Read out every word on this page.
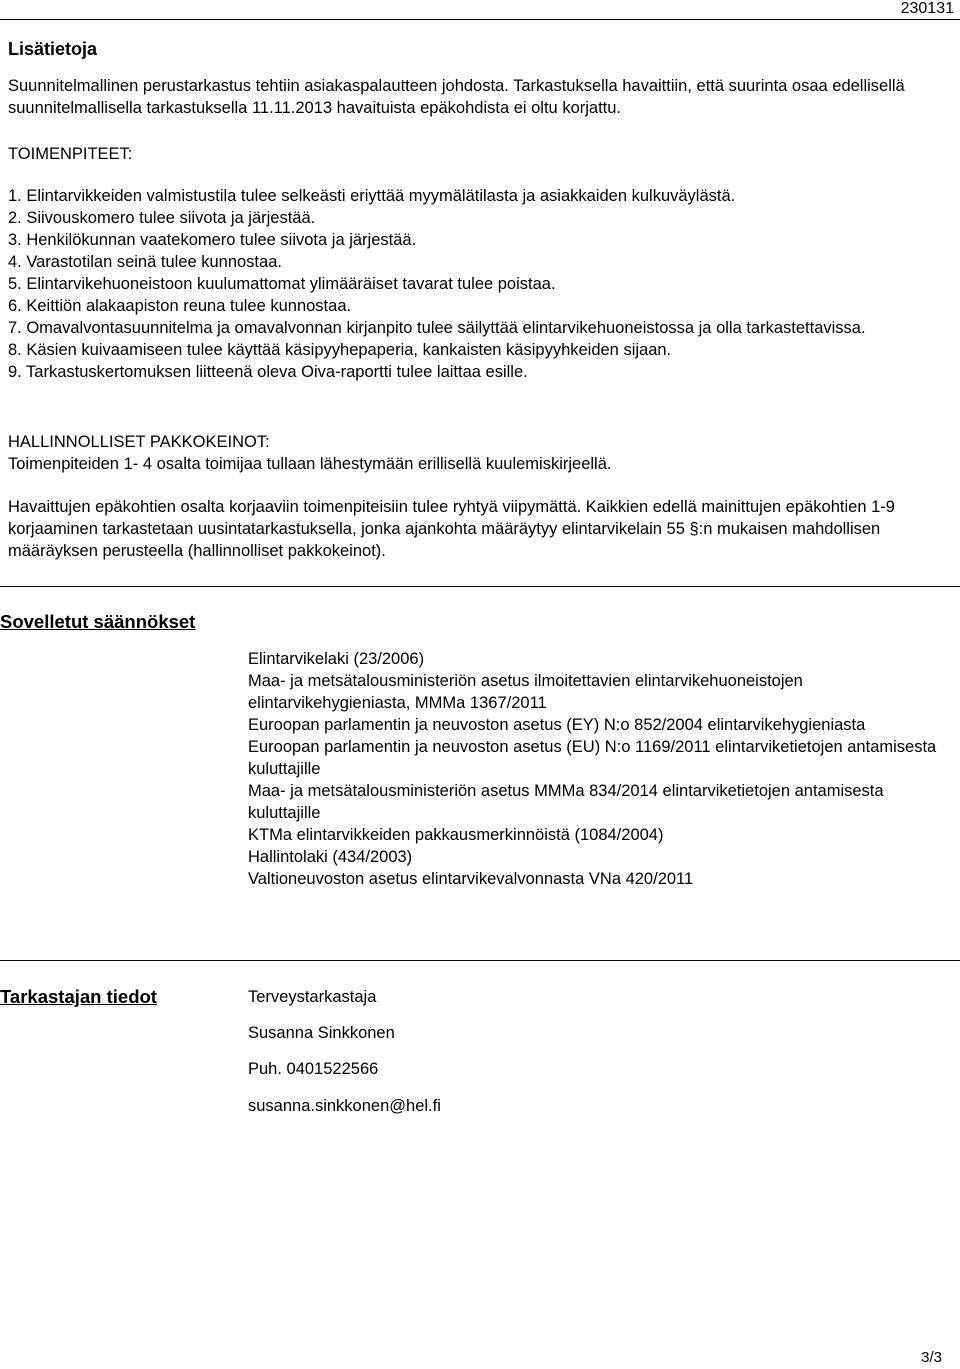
230131
Lisätietoja
Suunnitelmallinen perustarkastus tehtiin asiakaspalautteen johdosta. Tarkastuksella havaittiin, että suurinta osaa edellisellä suunnitelmallisella tarkastuksella 11.11.2013 havaituista epäkohdista ei oltu korjattu.
TOIMENPITEET:

1. Elintarvikkeiden valmistustila tulee selkeästi eriyttää myymälätilasta ja asiakkaiden kulkuväylästä.

2. Siivouskomero tulee siivota ja järjestää.

3. Henkilökunnan vaatekomero tulee siivota ja järjestää.

4. Varastotilan seinä tulee kunnostaa.

5. Elintarvikehuoneistoon kuulumattomat ylimääräiset tavarat tulee poistaa.

6. Keittiön alakaapiston reuna tulee kunnostaa.

7. Omavalvontasuunnitelma ja omavalvonnan kirjanpito tulee säilyttää elintarvikehuoneistossa ja olla tarkastettavissa.

8. Käsien kuivaamiseen tulee käyttää käsipyyhepaperia, kankaisten käsipyyhkeiden sijaan.

9. Tarkastuskertomuksen liitteenä oleva Oiva-raportti tulee laittaa esille.

HALLINNOLLISET PAKKOKEINOT:
Toimenpiteiden 1- 4 osalta toimijaa tullaan lähestymään erillisellä kuulemiskirjeellä.
Havaittujen epäkohtien osalta korjaaviin toimenpiteisiin tulee ryhtyä viipymättä. Kaikkien edellä mainittujen epäkohtien 1-9 korjaaminen tarkastetaan uusintatarkastuksella, jonka ajankohta määräytyy elintarvikelain 55 §:n mukaisen mahdollisen määräyksen perusteella (hallinnolliset pakkokeinot).
Sovelletut säännökset

Elintarvikelaki (23/2006)

Maa- ja metsätalousministeriön asetus ilmoitettavien elintarvikehuoneistojen elintarvikehygieniasta, MMMa 1367/2011

Euroopan parlamentin ja neuvoston asetus (EY) N:o 852/2004 elintarvikehygieniasta

Euroopan parlamentin ja neuvoston asetus (EU) N:o 1169/2011 elintarviketietojen antamisesta kuluttajille

Maa- ja metsätalousministeriön asetus MMMa 834/2014 elintarviketietojen antamisesta kuluttajille

KTMa elintarvikkeiden pakkausmerkinnöistä (1084/2004)

Hallintolaki (434/2003)

Valtioneuvoston asetus elintarvikevalvonnasta VNa 420/2011

Tarkastajan tiedot	Terveystarkastaja
Susanna Sinkkonen
Puh. 0401522566
susanna.sinkkonen@hel.fi
3/3
